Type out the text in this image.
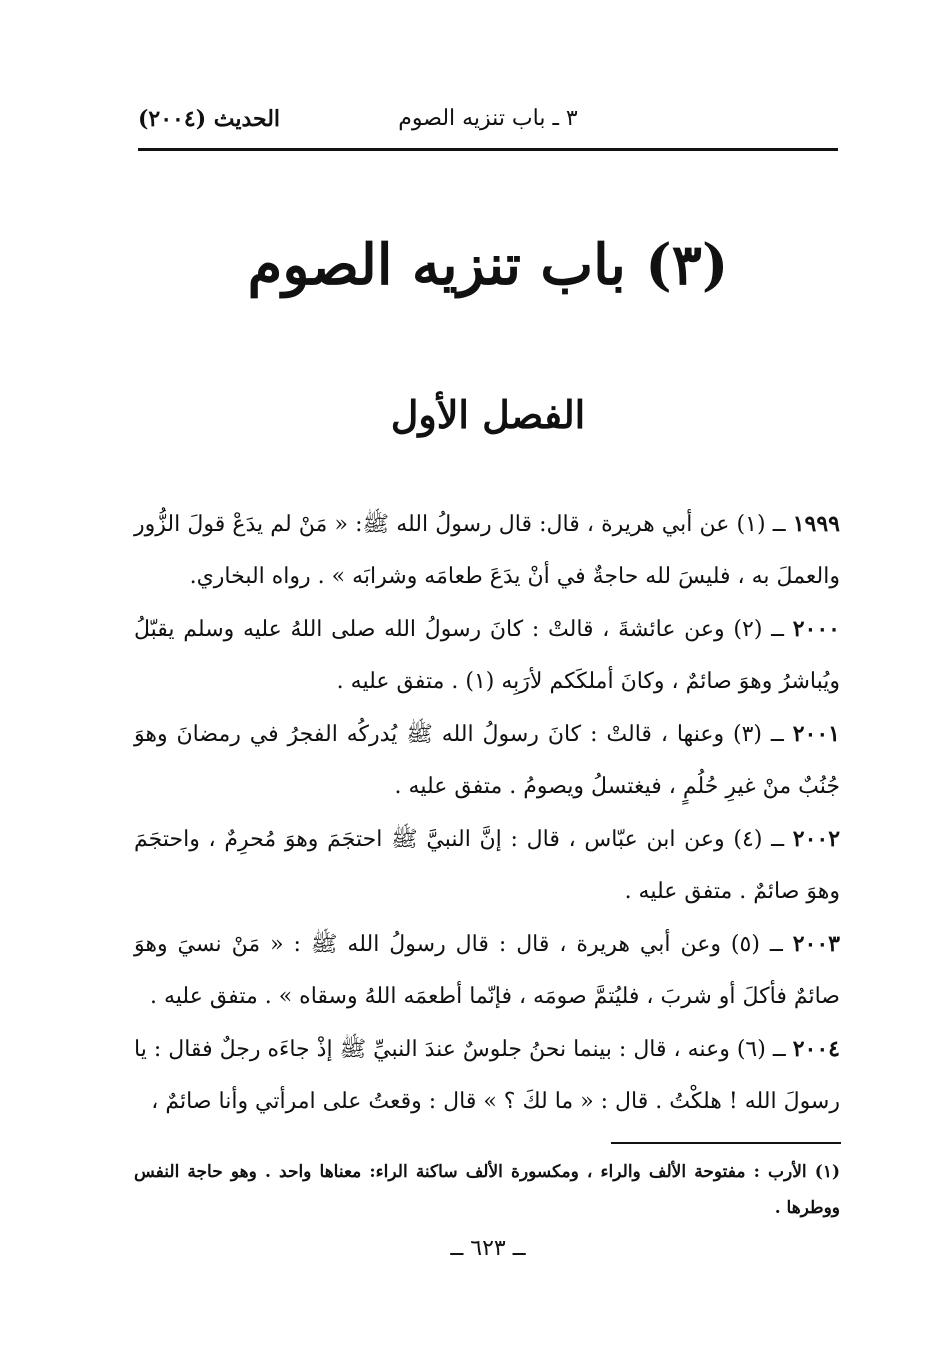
٣ ـ باب تنزيه الصوم
الحديث (٢٠٠٤)
(٣) باب تنزيه الصوم
الفصل الأول

١٩٩٩ ــ (١) عن أبي هريرة ، قال: قال رسولُ الله ﷺ: « مَنْ لم يدَعْ قولَ الزُّور والعملَ به ، فليسَ لله حاجةٌ في أنْ يدَعَ طعامَه وشرابَه » . رواه البخاري.

٢٠٠٠ ــ (٢) وعن عائشةَ ، قالتْ : كانَ رسولُ الله صلى اللهُ عليه وسلم يقبّلُ ويُباشرُ وهوَ صائمٌ ، وكانَ أملكَكم لأرَبِه (١) . متفق عليه .

٢٠٠١ ــ (٣) وعنها ، قالتْ : كانَ رسولُ الله ﷺ يُدركُه الفجرُ في رمضانَ وهوَ جُنُبٌ منْ غيرِ حُلُمٍ ، فيغتسلُ ويصومُ . متفق عليه .

٢٠٠٢ ــ (٤) وعن ابن عبّاس ، قال : إنَّ النبيَّ ﷺ احتجَمَ وهوَ مُحرِمٌ ، واحتجَمَ وهوَ صائمٌ . متفق عليه .

٢٠٠٣ ــ (٥) وعن أبي هريرة ، قال : قال رسولُ الله ﷺ : « مَنْ نسيَ وهوَ صائمٌ فأكلَ أو شربَ ، فليُتمَّ صومَه ، فإنّما أطعمَه اللهُ وسقاه » . متفق عليه .

٢٠٠٤ ــ (٦) وعنه ، قال : بينما نحنُ جلوسٌ عندَ النبيِّ ﷺ إذْ جاءَه رجلٌ فقال : يا رسولَ الله ! هلكْتُ . قال : « ما لكَ ؟ » قال : وقعتُ على امرأتي وأنا صائمٌ ،

(١) الأرب : مفتوحة الألف والراء ، ومكسورة الألف ساكنة الراء: معناها واحد . وهو حاجة النفس ووطرها .
ــ ٦٢٣ ــ
